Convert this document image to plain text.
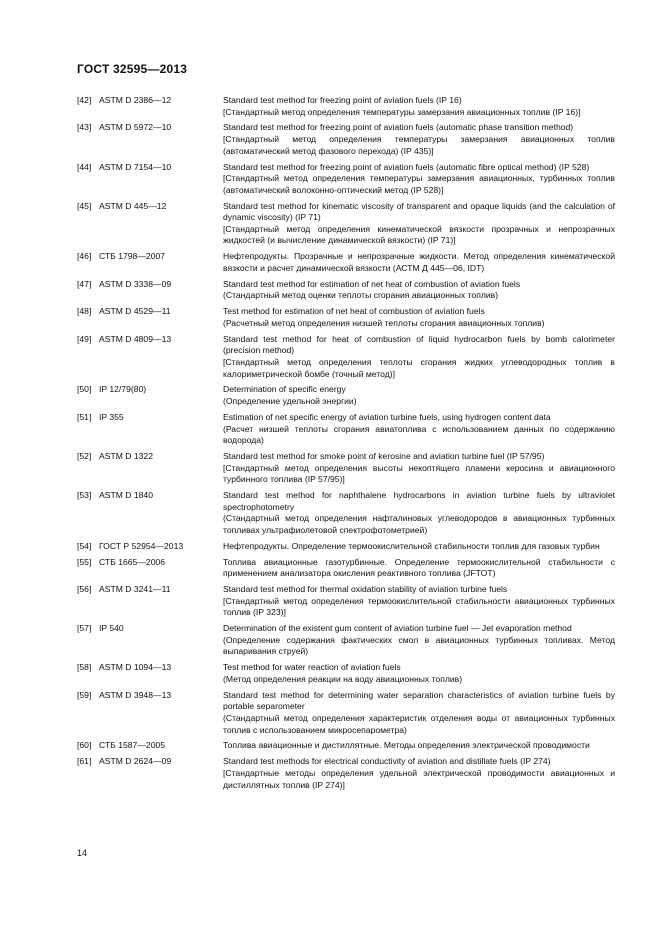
ГОСТ 32595—2013
[42] ASTM D 2386—12	Standard test method for freezing point of aviation fuels (IP 16)
[Стандартный метод определения температуры замерзания авиационных топлив (IP 16)]
[43] ASTM D 5972—10	Standard test method for freezing point of aviation fuels (automatic phase transition method)
[Стандартный метод определения температуры замерзания авиационных топлив (автоматический метод фазового перехода) (IP 435)]
[44] ASTM D 7154—10	Standard test method for freezing point of aviation fuels (automatic fibre optical method) (IP 528)
[Стандартный метод определения температуры замерзания авиационных, турбинных топлив (автоматический волоконно-оптический метод (IP 528)]
[45] ASTM D 445—12	Standard test method for kinematic viscosity of transparent and opaque liquids (and the calculation of dynamic viscosity) (IP 71)
[Стандартный метод определения кинематической вязкости прозрачных и непрозрачных жидкостей (и вычисление динамической вязкости) (IP 71)]
[46] СТБ 1798—2007	Нефтепродукты. Прозрачные и непрозрачные жидкости. Метод определения кинематической вязкости и расчет динамической вязкости (АСТМ Д 445—06, IDT)
[47] ASTM D 3338—09	Standard test method for estimation of net heat of combustion of aviation fuels
(Стандартный метод оценки теплоты сгорания авиационных топлив)
[48] ASTM D 4529—11	Test method for estimation of net heat of combustion of aviation fuels
(Расчетный метод определения низшей теплоты сгорания авиационных топлив)
[49] ASTM D 4809—13	Standard test method for heat of combustion of liquid hydrocarbon fuels by bomb calorimeter (precision method)
[Стандартный метод определения теплоты сгорания жидких углеводородных топлив в калориметрической бомбе (точный метод)]
[50] IP 12/79(80)	Determination of specific energy
(Определение удельной энергии)
[51] IP 355	Estimation of net specific energy of aviation turbine fuels, using hydrogen content data
(Расчет низшей теплоты сгорания авиатоплива с использованием данных по содержанию водорода)
[52] ASTM D 1322	Standard test method for smoke point of kerosine and aviation turbine fuel (IP 57/95)
[Стандартный метод определения высоты некоптящего пламени керосина и авиационного турбинного топлива (IP 57/95)]
[53] ASTM D 1840	Standard test method for naphthalene hydrocarbons in aviation turbine fuels by ultraviolet spectrophotometry
(Стандартный метод определения нафталиновых углеводородов в авиационных турбинных топливах ультрафиолетовой спектрофотометрией)
[54] ГОСТ Р 52954—2013	Нефтепродукты. Определение термоокислительной стабильности топлив для газовых турбин
[55] СТБ 1665—2006	Топлива авиационные газотурбинные. Определение термоокислительной стабильности с применением анализатора окисления реактивного топлива (JFTOT)
[56] ASTM D 3241—11	Standard test method for thermal oxidation stability of aviation turbine fuels
[Стандартный метод определения термоокислительной стабильности авиационных турбинных топлив (IP 323)]
[57] IP 540	Determination of the existent gum content of aviation turbine fuel — Jet evaporation method
(Определение содержания фактических смол в авиационных турбинных топливах. Метод выпаривания струей)
[58] ASTM D 1094—13	Test method for water reaction of aviation fuels
(Метод определения реакции на воду авиационных топлив)
[59] ASTM D 3948—13	Standard test method for determining water separation characteristics of aviation turbine fuels by portable separometer
(Стандартный метод определения характеристик отделения воды от авиационных турбинных топлив с использованием микросепарометра)
[60] СТБ 1587—2005	Топлива авиационные и дистиллятные. Методы определения электрической проводимости
[61] ASTM D 2624—09	Standard test methods for electrical conductivity of aviation and distillate fuels (IP 274)
[Стандартные методы определения удельной электрической проводимости авиационных и дистиллятных топлив (IP 274)]
14
